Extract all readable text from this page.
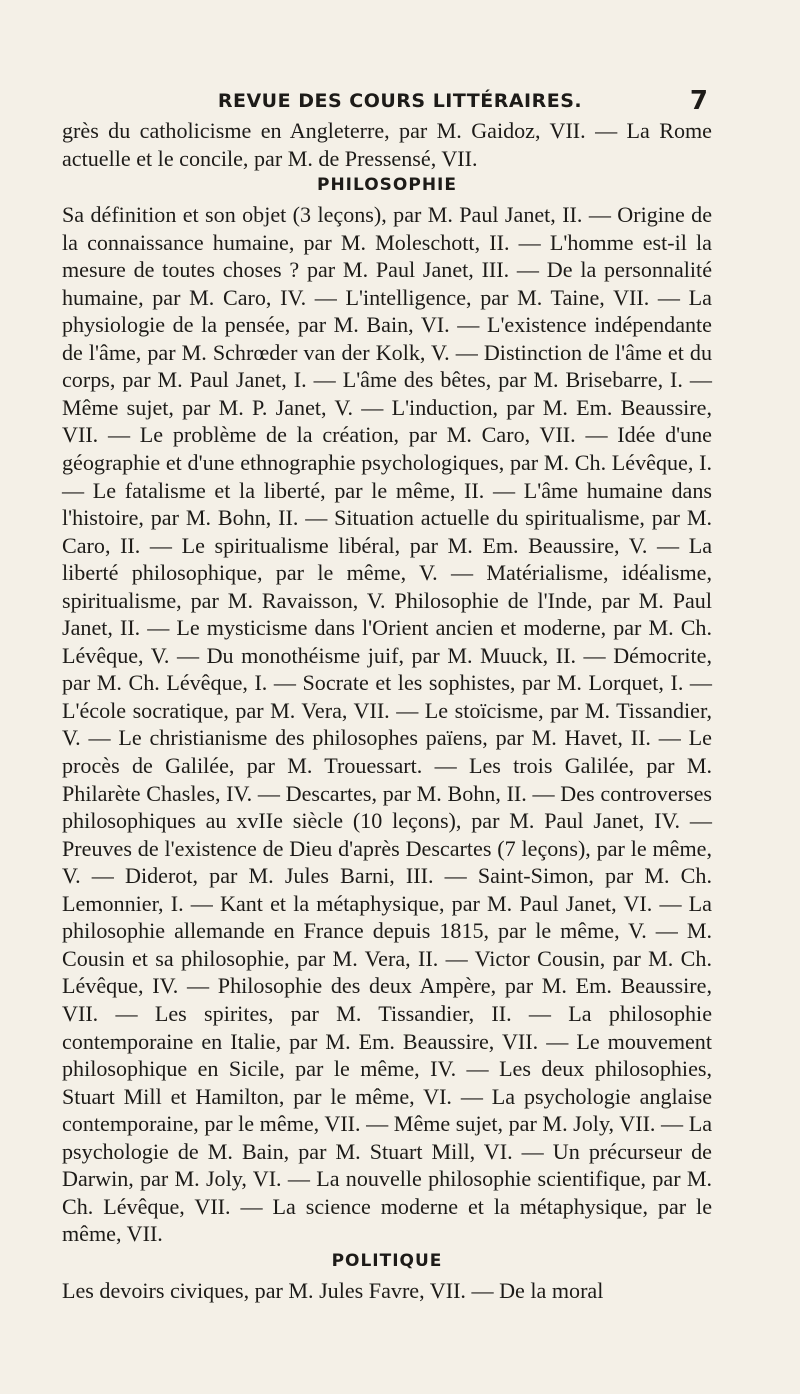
REVUE DES COURS LITTÉRAIRES.	7

grès du catholicisme en Angleterre, par M. Gaidoz, VII. — La Rome actuelle et le concile, par M. de Pressensé, VII.

PHILOSOPHIE

Sa définition et son objet (3 leçons), par M. Paul Janet, II. — Origine de la connaissance humaine, par M. Moleschott, II. — L'homme est-il la mesure de toutes choses ? par M. Paul Janet, III. — De la personnalité humaine, par M. Caro, IV. — L'intelligence, par M. Taine, VII. — La physiologie de la pensée, par M. Bain, VI. — L'existence indépendante de l'âme, par M. Schrœder van der Kolk, V. — Distinction de l'âme et du corps, par M. Paul Janet, I. — L'âme des bêtes, par M. Brisebarre, I. — Même sujet, par M. P. Janet, V. — L'induction, par M. Em. Beaussire, VII. — Le problème de la création, par M. Caro, VII. — Idée d'une géographie et d'une ethnographie psychologiques, par M. Ch. Lévêque, I. — Le fatalisme et la liberté, par le même, II. — L'âme humaine dans l'histoire, par M. Bohn, II. — Situation actuelle du spiritualisme, par M. Caro, II. — Le spiritualisme libéral, par M. Em. Beaussire, V. — La liberté philosophique, par le même, V. — Matérialisme, idéalisme, spiritualisme, par M. Ravaisson, V. Philosophie de l'Inde, par M. Paul Janet, II. — Le mysticisme dans l'Orient ancien et moderne, par M. Ch. Lévêque, V. — Du monothéisme juif, par M. Muuck, II. — Démocrite, par M. Ch. Lévêque, I. — Socrate et les sophistes, par M. Lorquet, I. — L'école socratique, par M. Vera, VII. — Le stoïcisme, par M. Tissandier, V. — Le christianisme des philosophes païens, par M. Havet, II. — Le procès de Galilée, par M. Trouessart. — Les trois Galilée, par M. Philarète Chasles, IV. — Descartes, par M. Bohn, II. — Des controverses philosophiques au xvIIe siècle (10 leçons), par M. Paul Janet, IV. — Preuves de l'existence de Dieu d'après Descartes (7 leçons), par le même, V. — Diderot, par M. Jules Barni, III. — Saint-Simon, par M. Ch. Lemonnier, I. — Kant et la métaphysique, par M. Paul Janet, VI. — La philosophie allemande en France depuis 1815, par le même, V. — M. Cousin et sa philosophie, par M. Vera, II. — Victor Cousin, par M. Ch. Lévêque, IV. — Philosophie des deux Ampère, par M. Em. Beaussire, VII. — Les spirites, par M. Tissandier, II. — La philosophie contemporaine en Italie, par M. Em. Beaussire, VII. — Le mouvement philosophique en Sicile, par le même, IV. — Les deux philosophies, Stuart Mill et Hamilton, par le même, VI. — La psychologie anglaise contemporaine, par le même, VII. — Même sujet, par M. Joly, VII. — La psychologie de M. Bain, par M. Stuart Mill, VI. — Un précurseur de Darwin, par M. Joly, VI. — La nouvelle philosophie scientifique, par M. Ch. Lévêque, VII. — La science moderne et la métaphysique, par le même, VII.

POLITIQUE

Les devoirs civiques, par M. Jules Favre, VII. — De la moral
